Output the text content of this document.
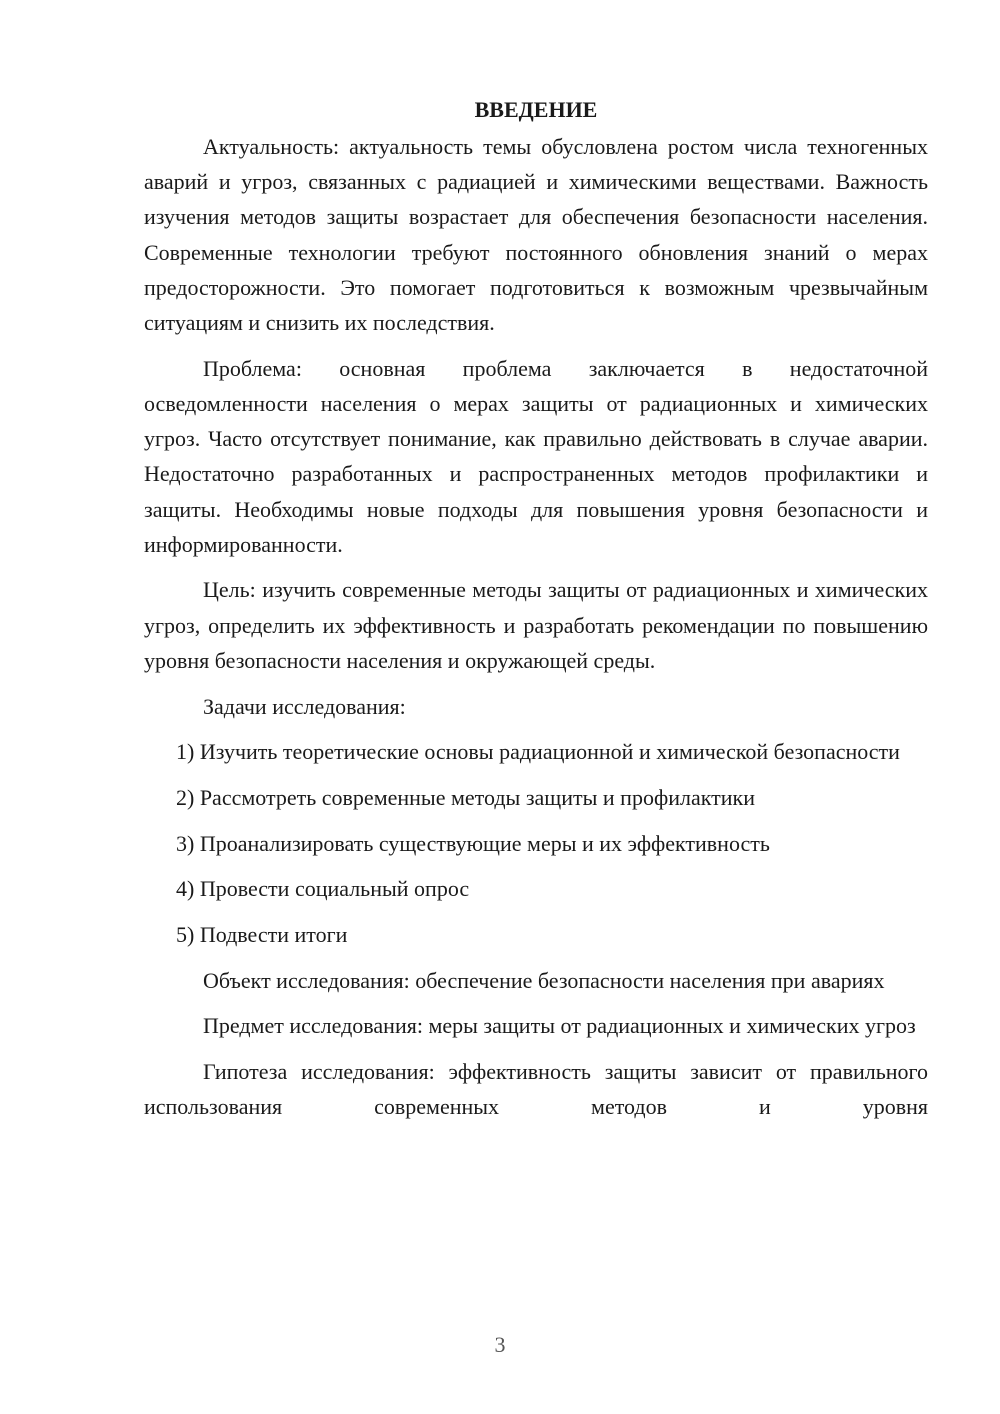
ВВЕДЕНИЕ

Актуальность: актуальность темы обусловлена ростом числа техногенных аварий и угроз, связанных с радиацией и химическими веществами. Важность изучения методов защиты возрастает для обеспечения безопасности населения. Современные технологии требуют постоянного обновления знаний о мерах предосторожности. Это помогает подготовиться к возможным чрезвычайным ситуациям и снизить их последствия.

Проблема: основная проблема заключается в недостаточной осведомленности населения о мерах защиты от радиационных и химических угроз. Часто отсутствует понимание, как правильно действовать в случае аварии. Недостаточно разработанных и распространенных методов профилактики и защиты. Необходимы новые подходы для повышения уровня безопасности и информированности.

Цель: изучить современные методы защиты от радиационных и химических угроз, определить их эффективность и разработать рекомендации по повышению уровня безопасности населения и окружающей среды.

Задачи исследования:

1) Изучить теоретические основы радиационной и химической безопасности

2) Рассмотреть современные методы защиты и профилактики

3) Проанализировать существующие меры и их эффективность

4) Провести социальный опрос

5) Подвести итоги

Объект исследования: обеспечение безопасности населения при авариях

Предмет исследования: меры защиты от радиационных и химических угроз

Гипотеза исследования: эффективность защиты зависит от правильного использования современных методов и уровня

3
